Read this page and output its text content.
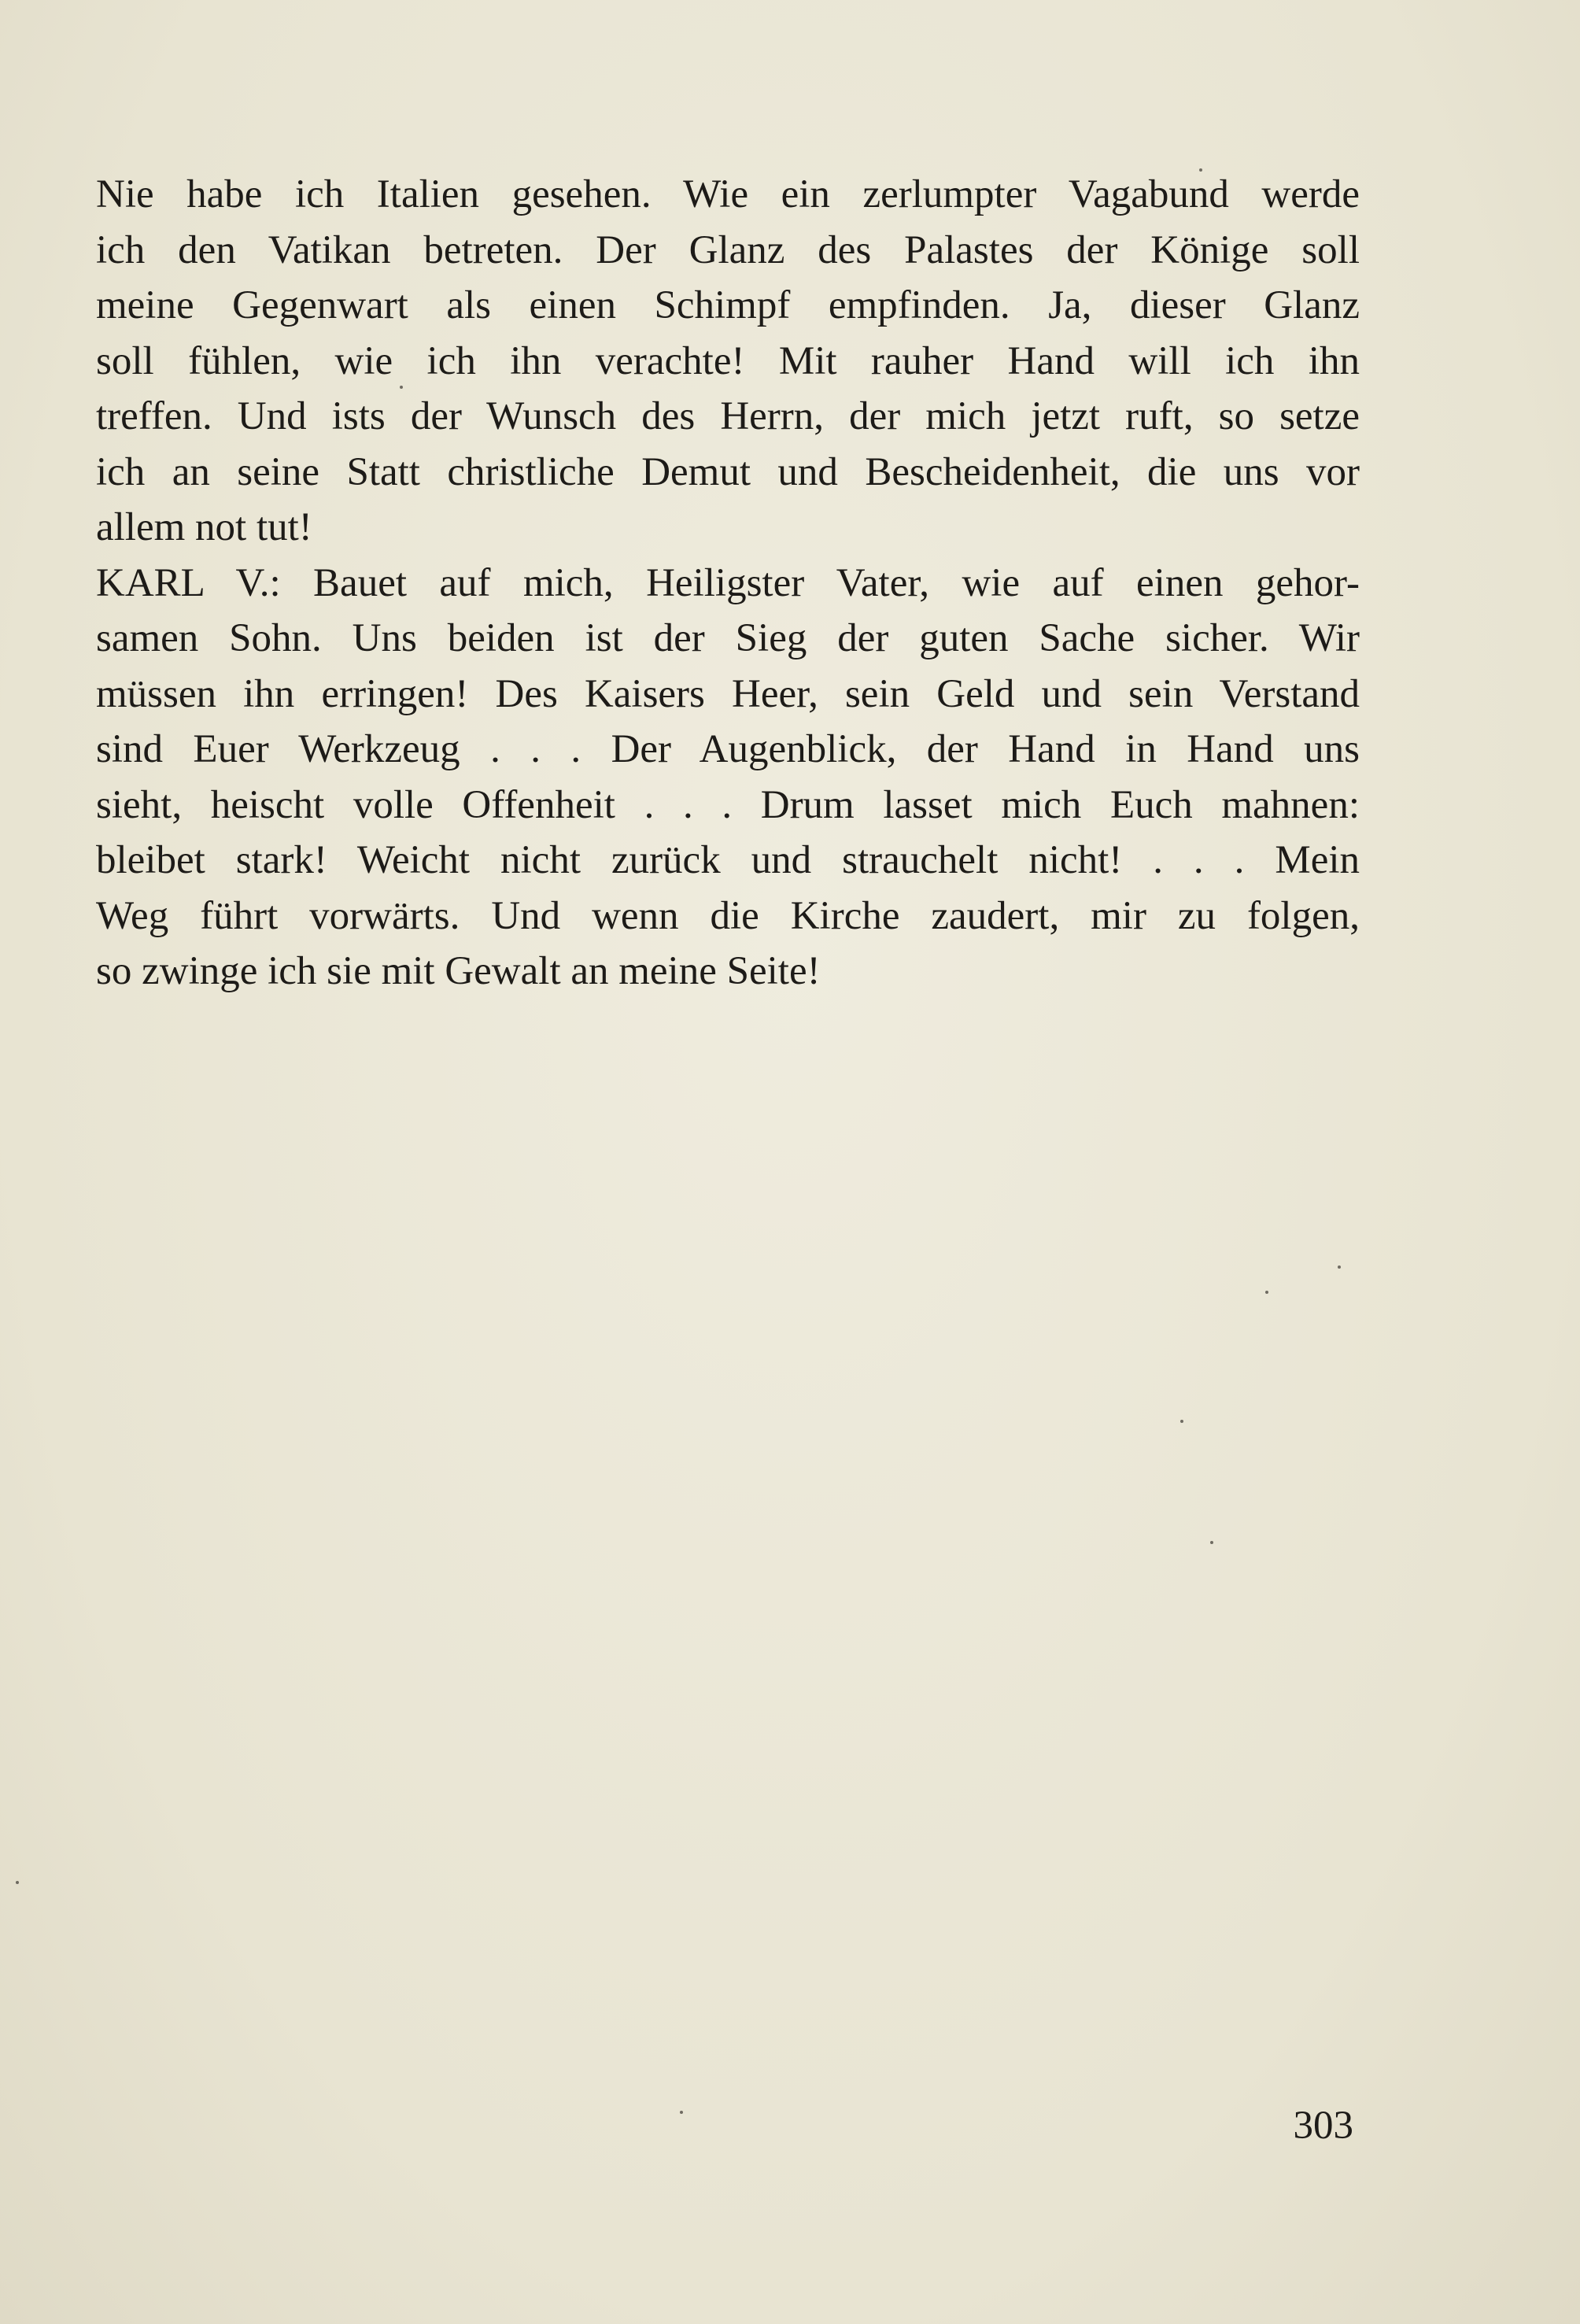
Nie habe ich Italien gesehen. Wie ein zerlumpter Vagabund werde
ich den Vatikan betreten. Der Glanz des Palastes der Könige soll
meine Gegenwart als einen Schimpf empfinden. Ja, dieser Glanz
soll fühlen, wie ich ihn verachte! Mit rauher Hand will ich ihn
treffen. Und ists der Wunsch des Herrn, der mich jetzt ruft, so setze
ich an seine Statt christliche Demut und Bescheidenheit, die uns vor
allem not tut!
KARL V.: Bauet auf mich, Heiligster Vater, wie auf einen gehor-
samen Sohn. Uns beiden ist der Sieg der guten Sache sicher. Wir
müssen ihn erringen! Des Kaisers Heer, sein Geld und sein Verstand
sind Euer Werkzeug . . . Der Augenblick, der Hand in Hand uns
sieht, heischt volle Offenheit . . . Drum lasset mich Euch mahnen:
bleibet stark! Weicht nicht zurück und strauchelt nicht! . . . Mein
Weg führt vorwärts. Und wenn die Kirche zaudert, mir zu folgen,
so zwinge ich sie mit Gewalt an meine Seite!
303
